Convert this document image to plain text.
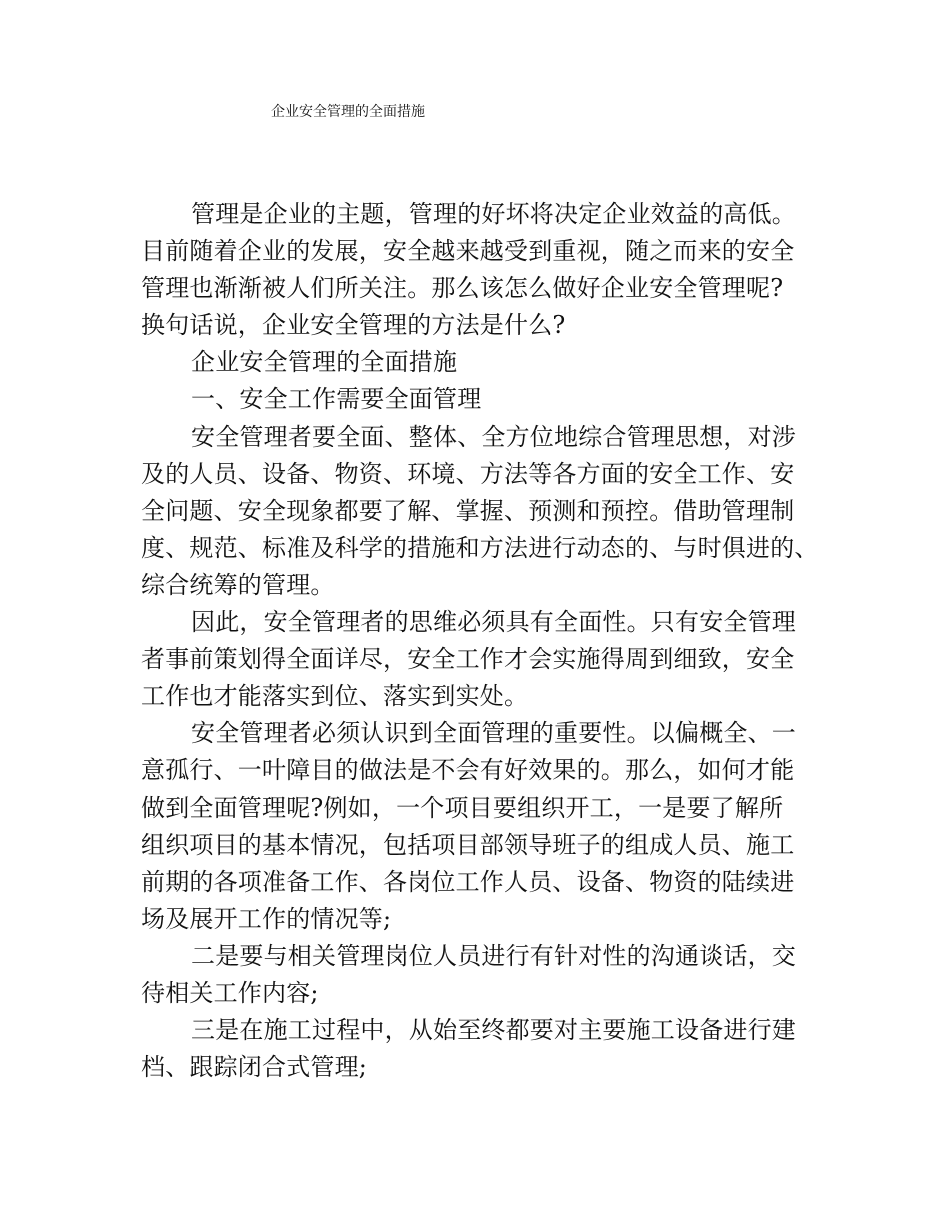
企业安全管理的全面措施
管理是企业的主题，管理的好坏将决定企业效益的高低。
目前随着企业的发展，安全越来越受到重视，随之而来的安全
管理也渐渐被人们所关注。那么该怎么做好企业安全管理呢?
换句话说，企业安全管理的方法是什么?
企业安全管理的全面措施
一、安全工作需要全面管理
安全管理者要全面、整体、全方位地综合管理思想，对涉
及的人员、设备、物资、环境、方法等各方面的安全工作、安
全问题、安全现象都要了解、掌握、预测和预控。借助管理制
度、规范、标准及科学的措施和方法进行动态的、与时俱进的、
综合统筹的管理。
因此，安全管理者的思维必须具有全面性。只有安全管理
者事前策划得全面详尽，安全工作才会实施得周到细致，安全
工作也才能落实到位、落实到实处。
安全管理者必须认识到全面管理的重要性。以偏概全、一
意孤行、一叶障目的做法是不会有好效果的。那么，如何才能
做到全面管理呢?例如，一个项目要组织开工，一是要了解所
组织项目的基本情况，包括项目部领导班子的组成人员、施工
前期的各项准备工作、各岗位工作人员、设备、物资的陆续进
场及展开工作的情况等;
二是要与相关管理岗位人员进行有针对性的沟通谈话，交
待相关工作内容;
三是在施工过程中，从始至终都要对主要施工设备进行建
档、跟踪闭合式管理;
